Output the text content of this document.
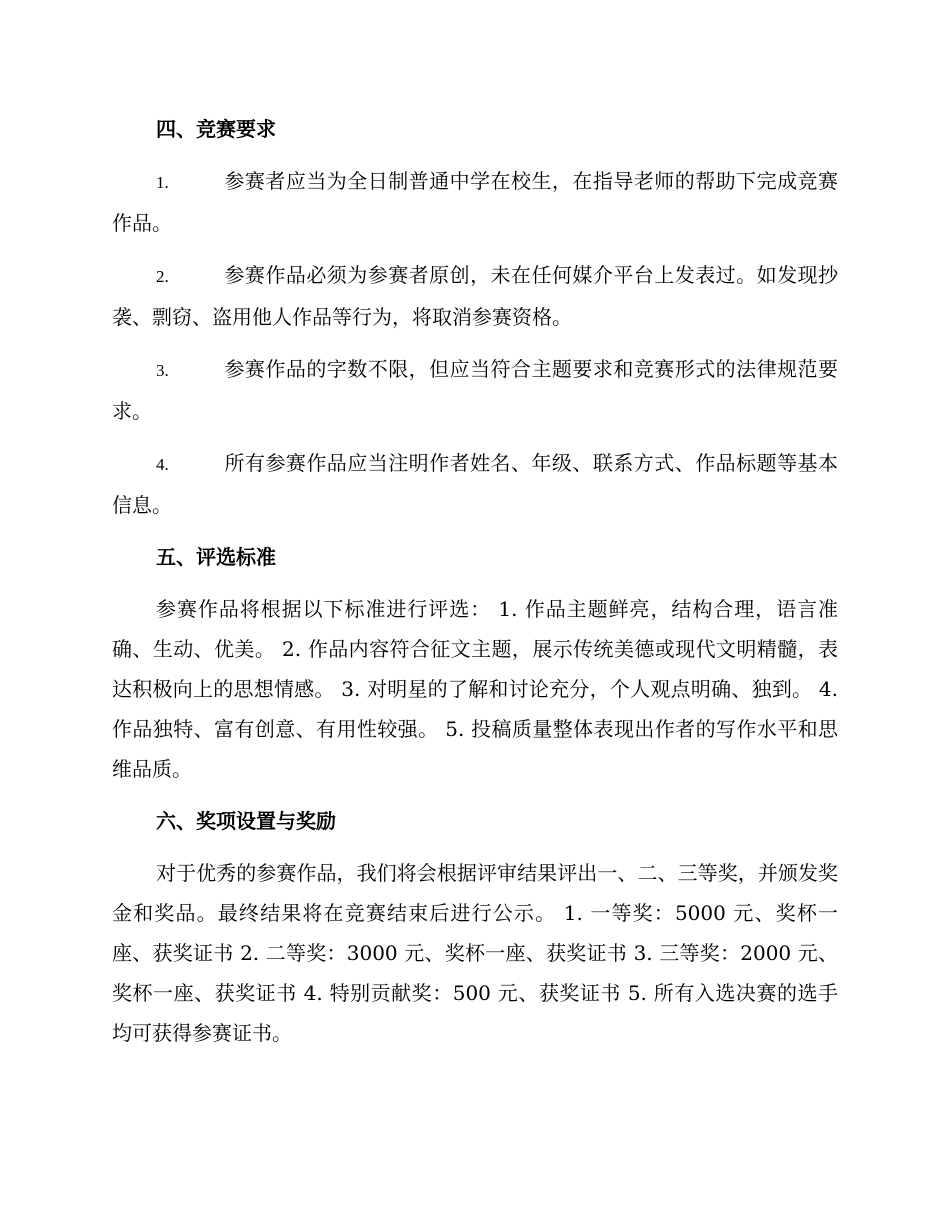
四、竞赛要求
1.	参赛者应当为全日制普通中学在校生，在指导老师的帮助下完成竞赛作品。
2.	参赛作品必须为参赛者原创，未在任何媒介平台上发表过。如发现抄袭、剽窃、盗用他人作品等行为，将取消参赛资格。
3.	参赛作品的字数不限，但应当符合主题要求和竞赛形式的法律规范要求。
4.	所有参赛作品应当注明作者姓名、年级、联系方式、作品标题等基本信息。
五、评选标准
参赛作品将根据以下标准进行评选： 1. 作品主题鲜亮，结构合理，语言准确、生动、优美。 2. 作品内容符合征文主题，展示传统美德或现代文明精髓，表达积极向上的思想情感。 3. 对明星的了解和讨论充分，个人观点明确、独到。 4. 作品独特、富有创意、有用性较强。 5. 投稿质量整体表现出作者的写作水平和思维品质。
六、奖项设置与奖励
对于优秀的参赛作品，我们将会根据评审结果评出一、二、三等奖，并颁发奖金和奖品。最终结果将在竞赛结束后进行公示。 1. 一等奖：5000 元、奖杯一座、获奖证书 2. 二等奖：3000 元、奖杯一座、获奖证书 3. 三等奖：2000 元、奖杯一座、获奖证书 4. 特别贡献奖：500 元、获奖证书 5. 所有入选决赛的选手均可获得参赛证书。
